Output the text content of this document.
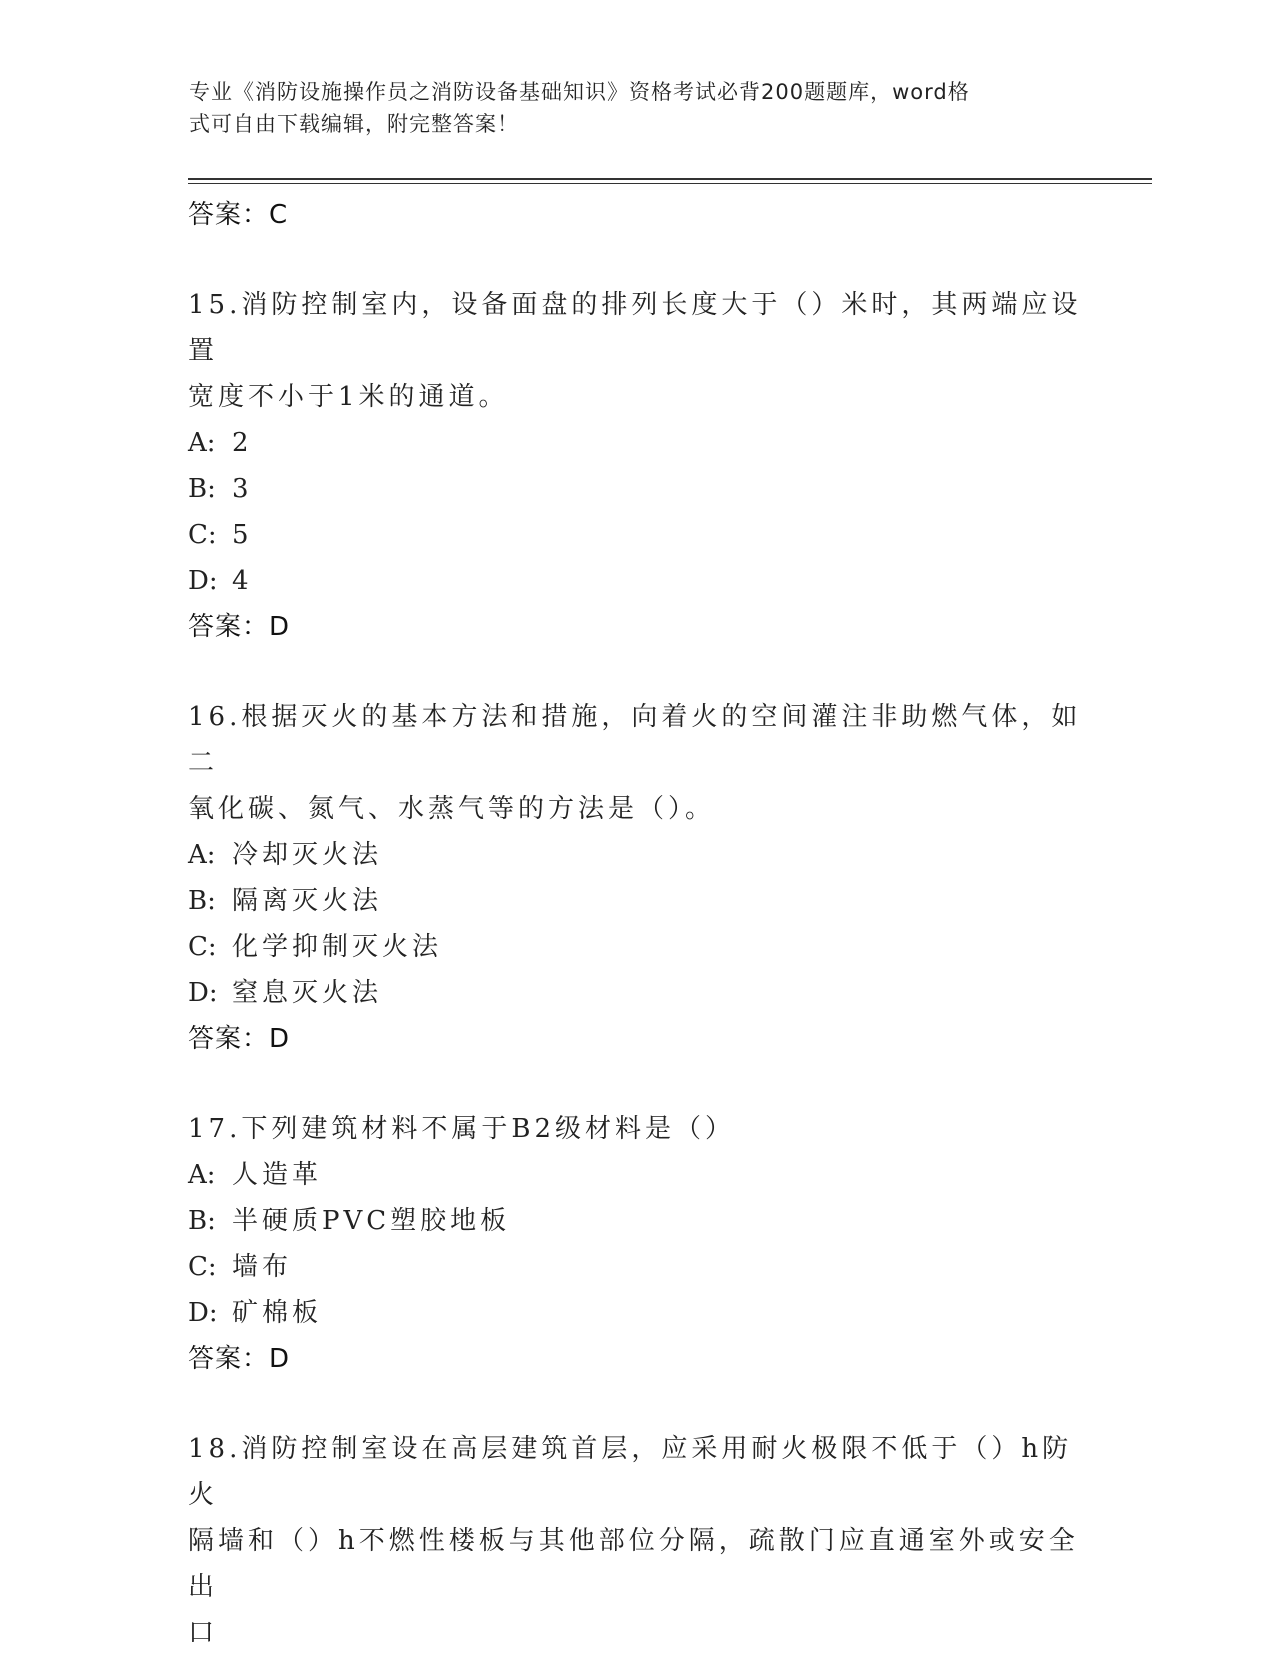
专业《消防设施操作员之消防设备基础知识》资格考试必背200题题库，word格
式可自由下载编辑，附完整答案！
答案：C
15.消防控制室内，设备面盘的排列长度大于（）米时，其两端应设置
宽度不小于1米的通道。
A: 2
B: 3
C: 5
D: 4
答案：D
16.根据灭火的基本方法和措施，向着火的空间灌注非助燃气体，如二
氧化碳、氮气、水蒸气等的方法是（）。
A: 冷却灭火法
B: 隔离灭火法
C: 化学抑制灭火法
D: 窒息灭火法
答案：D
17.下列建筑材料不属于B2级材料是（）
A: 人造革
B: 半硬质PVC塑胶地板
C: 墙布
D: 矿棉板
答案：D
18.消防控制室设在高层建筑首层，应采用耐火极限不低于（）h防火
隔墙和（）h不燃性楼板与其他部位分隔，疏散门应直通室外或安全出
口
